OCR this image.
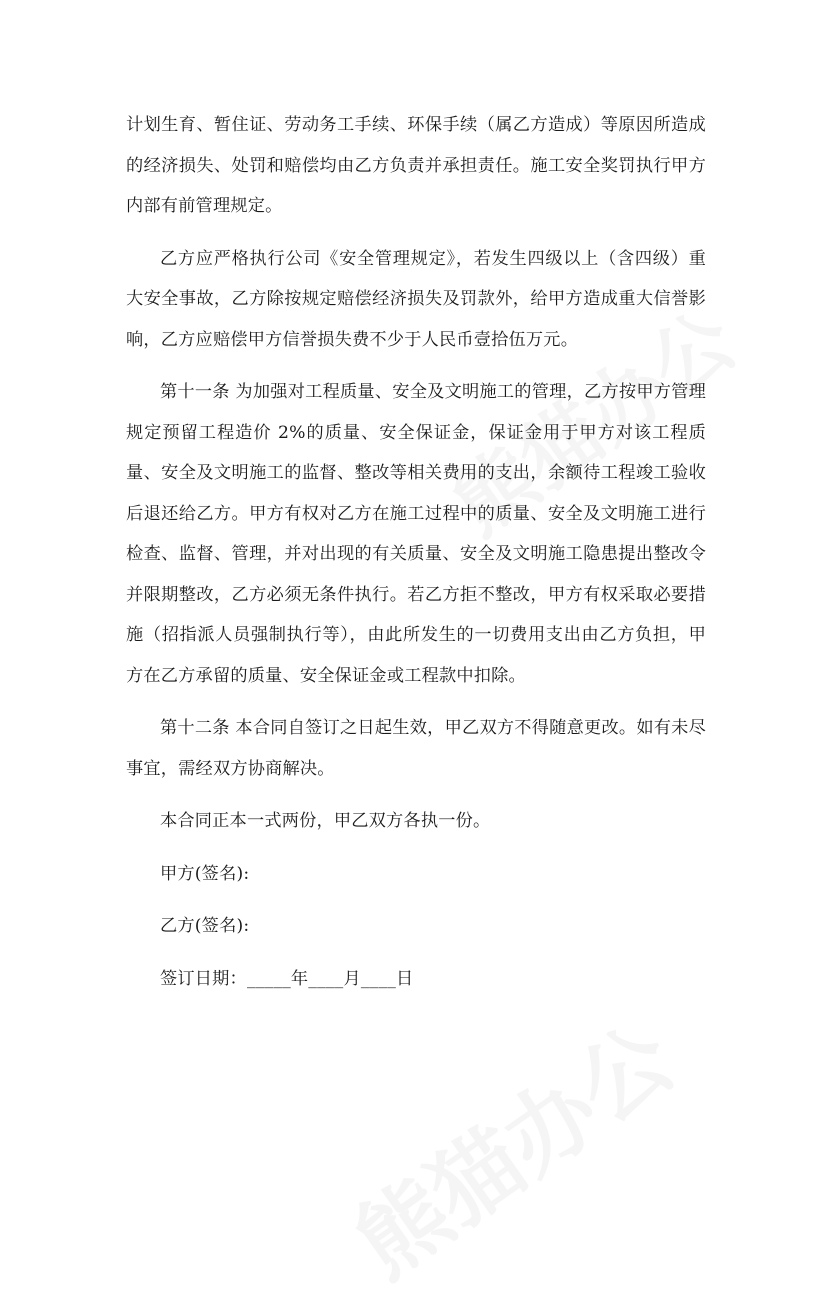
计划生育、暂住证、劳动务工手续、环保手续（属乙方造成）等原因所造成的经济损失、处罚和赔偿均由乙方负责并承担责任。施工安全奖罚执行甲方内部有前管理规定。

乙方应严格执行公司《安全管理规定》，若发生四级以上（含四级）重大安全事故，乙方除按规定赔偿经济损失及罚款外，给甲方造成重大信誉影响，乙方应赔偿甲方信誉损失费不少于人民币壹拾伍万元。

第十一条 为加强对工程质量、安全及文明施工的管理，乙方按甲方管理规定预留工程造价 2%的质量、安全保证金，保证金用于甲方对该工程质量、安全及文明施工的监督、整改等相关费用的支出，余额待工程竣工验收后退还给乙方。甲方有权对乙方在施工过程中的质量、安全及文明施工进行检查、监督、管理，并对出现的有关质量、安全及文明施工隐患提出整改令并限期整改，乙方必须无条件执行。若乙方拒不整改，甲方有权采取必要措施（招指派人员强制执行等），由此所发生的一切费用支出由乙方负担，甲方在乙方承留的质量、安全保证金或工程款中扣除。

第十二条 本合同自签订之日起生效，甲乙双方不得随意更改。如有未尽事宜，需经双方协商解决。

本合同正本一式两份，甲乙双方各执一份。

甲方(签名):

乙方(签名):

签订日期：_____年____月____日
